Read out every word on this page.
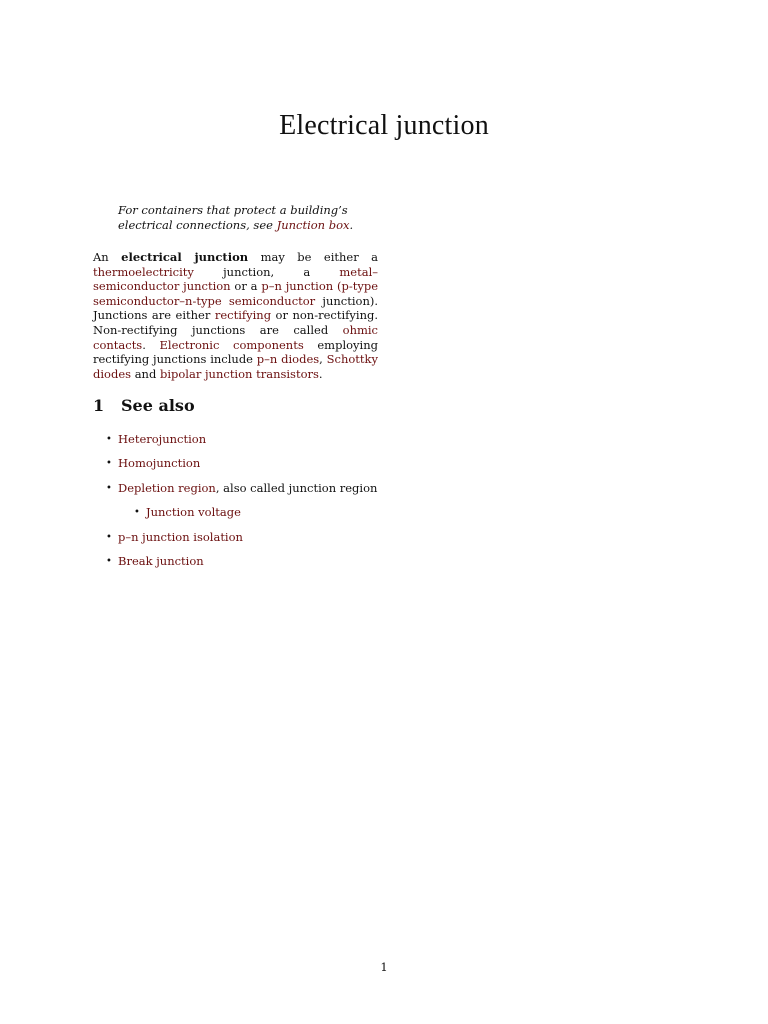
Electrical junction
For containers that protect a building’s electrical connections, see Junction box.
An electrical junction may be either a thermoelectricity junction, a metal–semiconductor junction or a p–n junction (p-type semiconductor–n-type semiconductor junction). Junctions are either rectifying or non-rectifying. Non-rectifying junctions are called ohmic contacts. Electronic components employing rectifying junctions include p–n diodes, Schottky diodes and bipolar junction transistors.
1 See also
• Heterojunction
• Homojunction
• Depletion region, also called junction region
• Junction voltage
• p–n junction isolation
• Break junction
1
